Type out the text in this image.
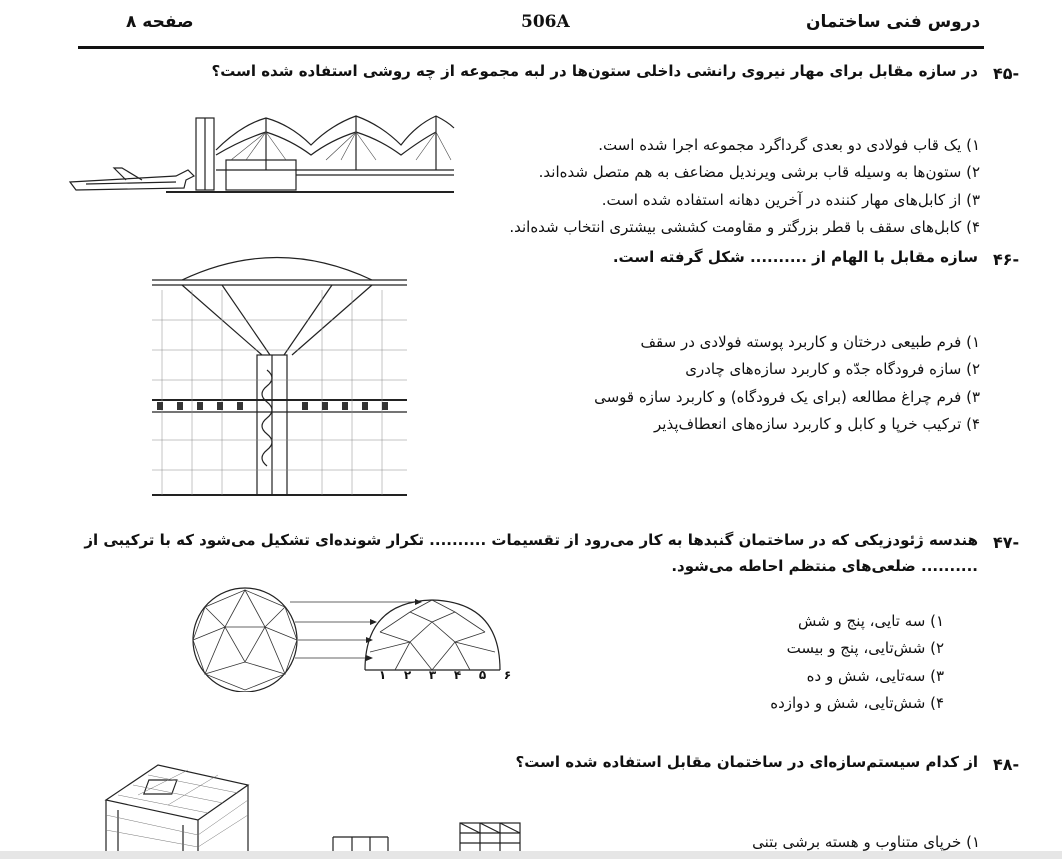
دروس فنی ساختمان
506A
صفحه ۸
-۴۵
در سازه مقابل برای مهار نیروی رانشی داخلی ستون‌ها در لبه مجموعه از چه روشی استفاده شده است؟
۱) یک قاب فولادی دو بعدی گرداگرد مجموعه اجرا شده است.
۲) ستون‌ها به وسیله قاب برشی ویرندیل مضاعف به هم متصل شده‌اند.
۳) از کابل‌های مهار کننده در آخرین دهانه استفاده شده است.
۴) کابل‌های سقف با قطر بزرگتر و مقاومت کششی بیشتری انتخاب شده‌اند.
-۴۶
سازه مقابل با الهام از .......... شکل گرفته است.
۱) فرم طبیعی درختان و کاربرد پوسته فولادی در سقف
۲) سازه فرودگاه جدّه و کاربرد سازه‌های چادری
۳) فرم چراغ مطالعه (برای یک فرودگاه) و کاربرد سازه قوسی
۴) ترکیب خرپا و کابل و کاربرد سازه‌های انعطاف‌پذیر
-۴۷
هندسه ژئودزیکی که در ساختمان گنبدها به کار می‌رود از تقسیمات .......... تکرار شونده‌ای تشکیل می‌شود که با ترکیبی از
.......... ضلعی‌های منتظم احاطه می‌شود.
۱) سه تایی، پنج و شش
۲) شش‌تایی، پنج و بیست
۳) سه‌تایی، شش و ده
۴) شش‌تایی، شش و دوازده
۱ ۲ ۳ ۴ ۵ ۶
-۴۸
از کدام سیستم‌سازه‌ای در ساختمان مقابل استفاده شده است؟
۱) خرپای متناوب و هسته برشی بتنی
